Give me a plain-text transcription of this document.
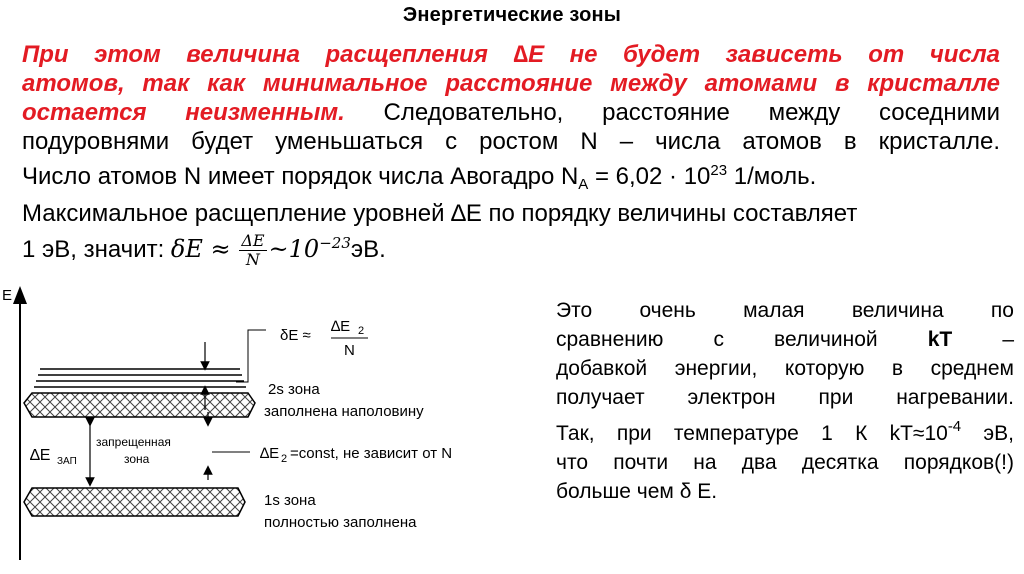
Энергетические зоны
При этом величина расщепления ∆E не будет зависеть от числа
атомов, так как минимальное расстояние между атомами в кристалле
остается неизменным. Следовательно, расстояние между соседними
подуровнями будет уменьшаться с ростом N – числа атомов в кристалле.
Число атомов N имеет порядок числа Авогадро $N_A = 6,02 \cdot 10^{23}$ 1/моль.
Максимальное расщепление уровней ∆E по порядку величины составляет
1 эВ, значит: $\delta E \approx \frac{\Delta E}{N}$ $\sim 10^{-23}эВ$.
Это очень малая величина по
сравнению с величиной kT –
добавкой энергии, которую в среднем
получает электрон при нагревании.
Так, при температуре 1 К $kT\approx 10^{-4}$ эВ,
что почти на два десятка порядков(!)
больше чем δ Е.
E
δE ≈
∆E 2
N
2s зона
заполнена наполовину
∆E ЗАП
запрещенная
зона	∆E 2 =const, не зависит от N
1s зона
полностью заполнена
